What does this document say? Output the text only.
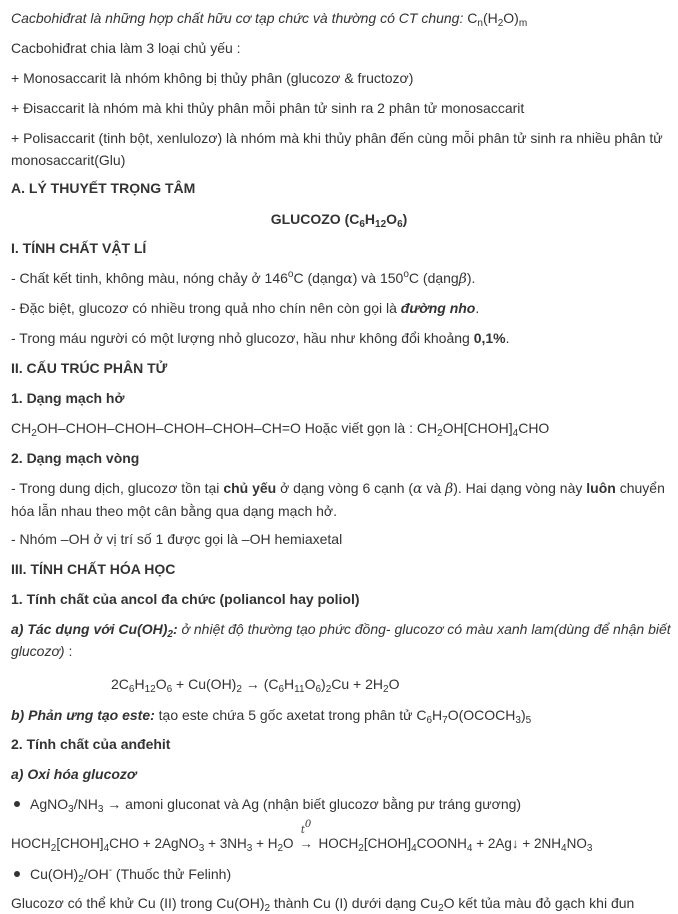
Cacbohiđrat là những hợp chất hữu cơ tạp chức và thường có CT chung: $C_n(H_2O)_m$
Cacbohiđrat chia làm 3 loại chủ yếu :
+ Monosaccarit là nhóm không bị thủy phân (glucozơ & fructozơ)
+ Đisaccarit là nhóm mà khi thủy phân mỗi phân tử sinh ra 2 phân tử monosaccarit
+ Polisaccarit (tinh bột, xenlulozơ) là nhóm mà khi thủy phân đến cùng mỗi phân tử sinh ra nhiều phân tử monosaccarit(Glu)
A. LÝ THUYẾT TRỌNG TÂM
GLUCOZO $(C_6H_{12}O_6)$
I. TÍNH CHẤT VẬT LÍ
- Chất kết tinh, không màu, nóng chảy ở 146$^o$C (dạngα) và 150$^o$C (dạngβ).
- Đặc biệt, glucozơ có nhiều trong quả nho chín nên còn gọi là đường nho.
- Trong máu người có một lượng nhỏ glucozơ, hầu như không đổi khoảng 0,1%.
II. CẤU TRÚC PHÂN TỬ
1. Dạng mạch hở
$CH_2OH-CHOH-CHOH-CHOH-CHOH-CH=O$ Hoặc viết gọn là : $CH_2OH[CHOH]_4CHO$
2. Dạng mạch vòng
- Trong dung dịch, glucozơ tồn tại chủ yếu ở dạng vòng 6 cạnh (α và β). Hai dạng vòng này luôn chuyển hóa lẫn nhau theo một cân bằng qua dạng mạch hở.
- Nhóm –OH ở vị trí số 1 được gọi là –OH hemiaxetal
III. TÍNH CHẤT HÓA HỌC
1. Tính chất của ancol đa chức (poliancol hay poliol)
a) Tác dụng với $Cu(OH)_2$: ở nhiệt độ thường tạo phức đồng- glucozơ có màu xanh lam(dùng để nhận biết glucozơ) :
$2C_6H_{12}O_6 + Cu(OH)_2 \to (C_6H_{11}O_6)_2Cu + 2H_2O$
b) Phản ưng tạo este: tạo este chứa 5 gốc axetat trong phân tử $C_6H_7O(OCOCH_3)_5$
2. Tính chất của anđehit
a) Oxi hóa glucozơ
$AgNO_3/NH_3$ → amoni gluconat và Ag (nhận biết glucozơ bằng pư tráng gương)
$HOCH_2[CHOH]_4CHO$ + 2AgNO$_3$ + $3NH_3 + H_2O$ →
$t^0$
$HOCH_2[CHOH]_4COONH_4$ + 2Ag↓ + $2NH_4NO_3$
$Cu(OH)_2/OH^-$ (Thuốc thử Felinh)
Glucozơ có thể khử Cu (II) trong $Cu(OH)_2$ thành Cu (I) dưới dạng $Cu_2O$ kết tủa màu đỏ gạch khi đun
